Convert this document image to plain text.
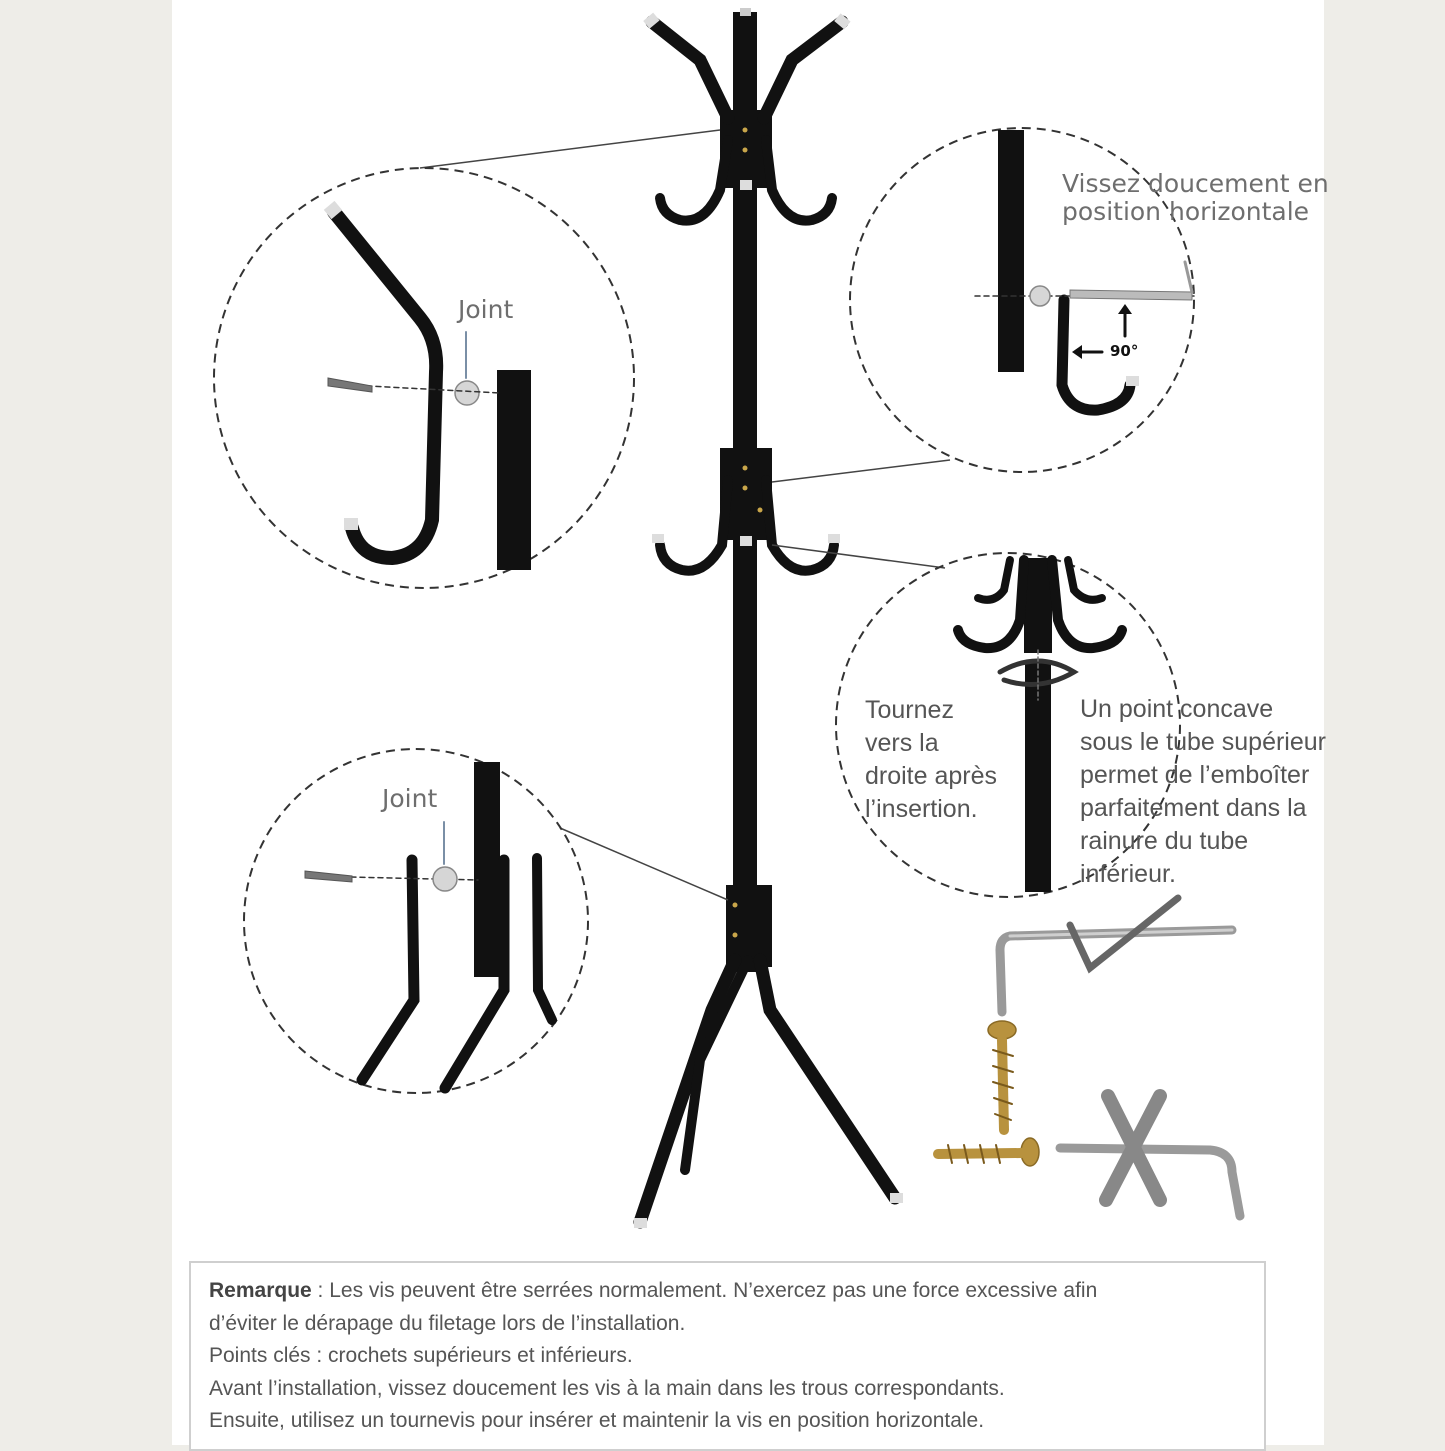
Joint

Joint

Vissez doucement en
position horizontale

90°

Tournez
vers la
droite après
l’insertion.
Un point concave
sous le tube supérieur
permet de l’emboîter
parfaitement dans la
rainure du tube
inférieur.
Remarque : Les vis peuvent être serrées normalement. N’exercez pas une force excessive afin
d’éviter le dérapage du filetage lors de l’installation.
Points clés : crochets supérieurs et inférieurs.
Avant l’installation, vissez doucement les vis à la main dans les trous correspondants.
Ensuite, utilisez un tournevis pour insérer et maintenir la vis en position horizontale.
